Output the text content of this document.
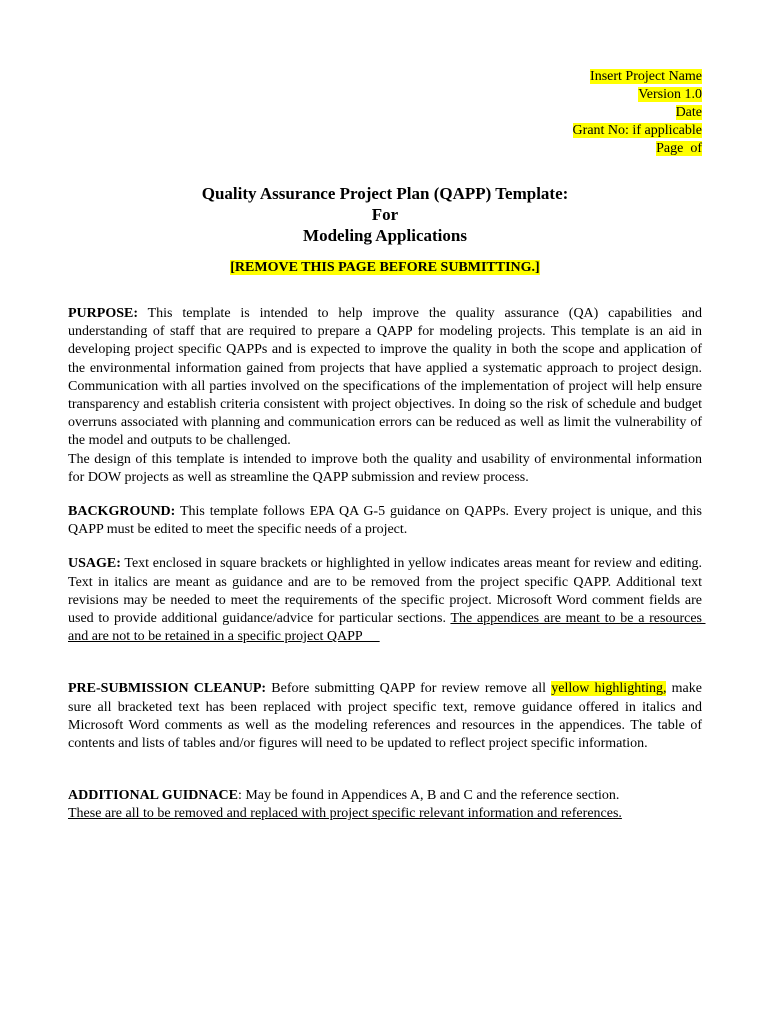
Insert Project Name
Version 1.0
Date
Grant No: if applicable
Page  of
Quality Assurance Project Plan (QAPP) Template:
For
Modeling Applications
[REMOVE THIS PAGE BEFORE SUBMITTING.]

PURPOSE: This template is intended to help improve the quality assurance (QA) capabilities and understanding of staff that are required to prepare a QAPP for modeling projects. This template is an aid in developing project specific QAPPs and is expected to improve the quality in both the scope and application of the environmental information gained from projects that have applied a systematic approach to project design. Communication with all parties involved on the specifications of the implementation of project will help ensure transparency and establish criteria consistent with project objectives. In doing so the risk of schedule and budget overruns associated with planning and communication errors can be reduced as well as limit the vulnerability of the model and outputs to be challenged.

The design of this template is intended to improve both the quality and usability of environmental information for DOW projects as well as streamline the QAPP submission and review process.

BACKGROUND: This template follows EPA QA G-5 guidance on QAPPs. Every project is unique, and this QAPP must be edited to meet the specific needs of a project.

USAGE: Text enclosed in square brackets or highlighted in yellow indicates areas meant for review and editing. Text in italics are meant as guidance and are to be removed from the project specific QAPP. Additional text revisions may be needed to meet the requirements of the specific project. Microsoft Word comment fields are used to provide additional guidance/advice for particular sections. The appendices are meant to be a resources and are not to be retained in a specific project QAPP

PRE-SUBMISSION CLEANUP: Before submitting QAPP for review remove all yellow highlighting, make sure all bracketed text has been replaced with project specific text, remove guidance offered in italics and Microsoft Word comments as well as the modeling references and resources in the appendices. The table of contents and lists of tables and/or figures will need to be updated to reflect project specific information.

ADDITIONAL GUIDNACE: May be found in Appendices A, B and C and the reference section.
These are all to be removed and replaced with project specific relevant information and references.
